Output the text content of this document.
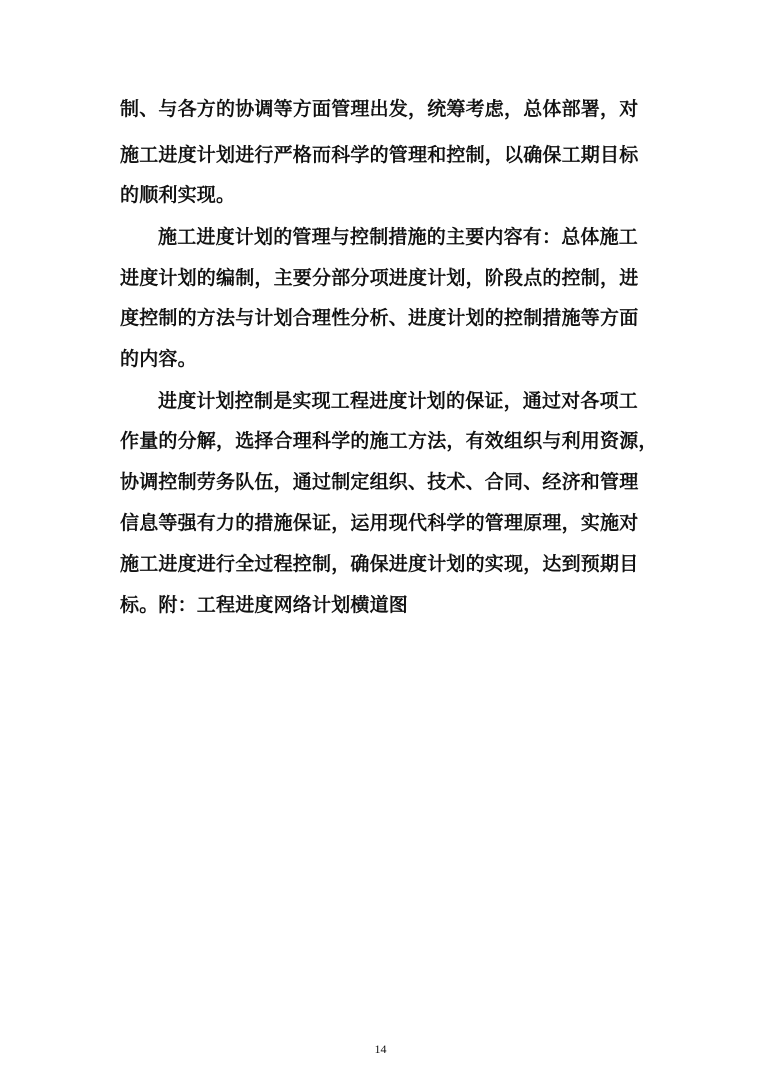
制、与各方的协调等方面管理出发，统筹考虑，总体部署，对
施工进度计划进行严格而科学的管理和控制，以确保工期目标
的顺利实现。
施工进度计划的管理与控制措施的主要内容有：总体施工
进度计划的编制，主要分部分项进度计划，阶段点的控制，进
度控制的方法与计划合理性分析、进度计划的控制措施等方面
的内容。
进度计划控制是实现工程进度计划的保证，通过对各项工
作量的分解，选择合理科学的施工方法，有效组织与利用资源，
协调控制劳务队伍，通过制定组织、技术、合同、经济和管理
信息等强有力的措施保证，运用现代科学的管理原理，实施对
施工进度进行全过程控制，确保进度计划的实现，达到预期目
标。附：工程进度网络计划横道图
14
